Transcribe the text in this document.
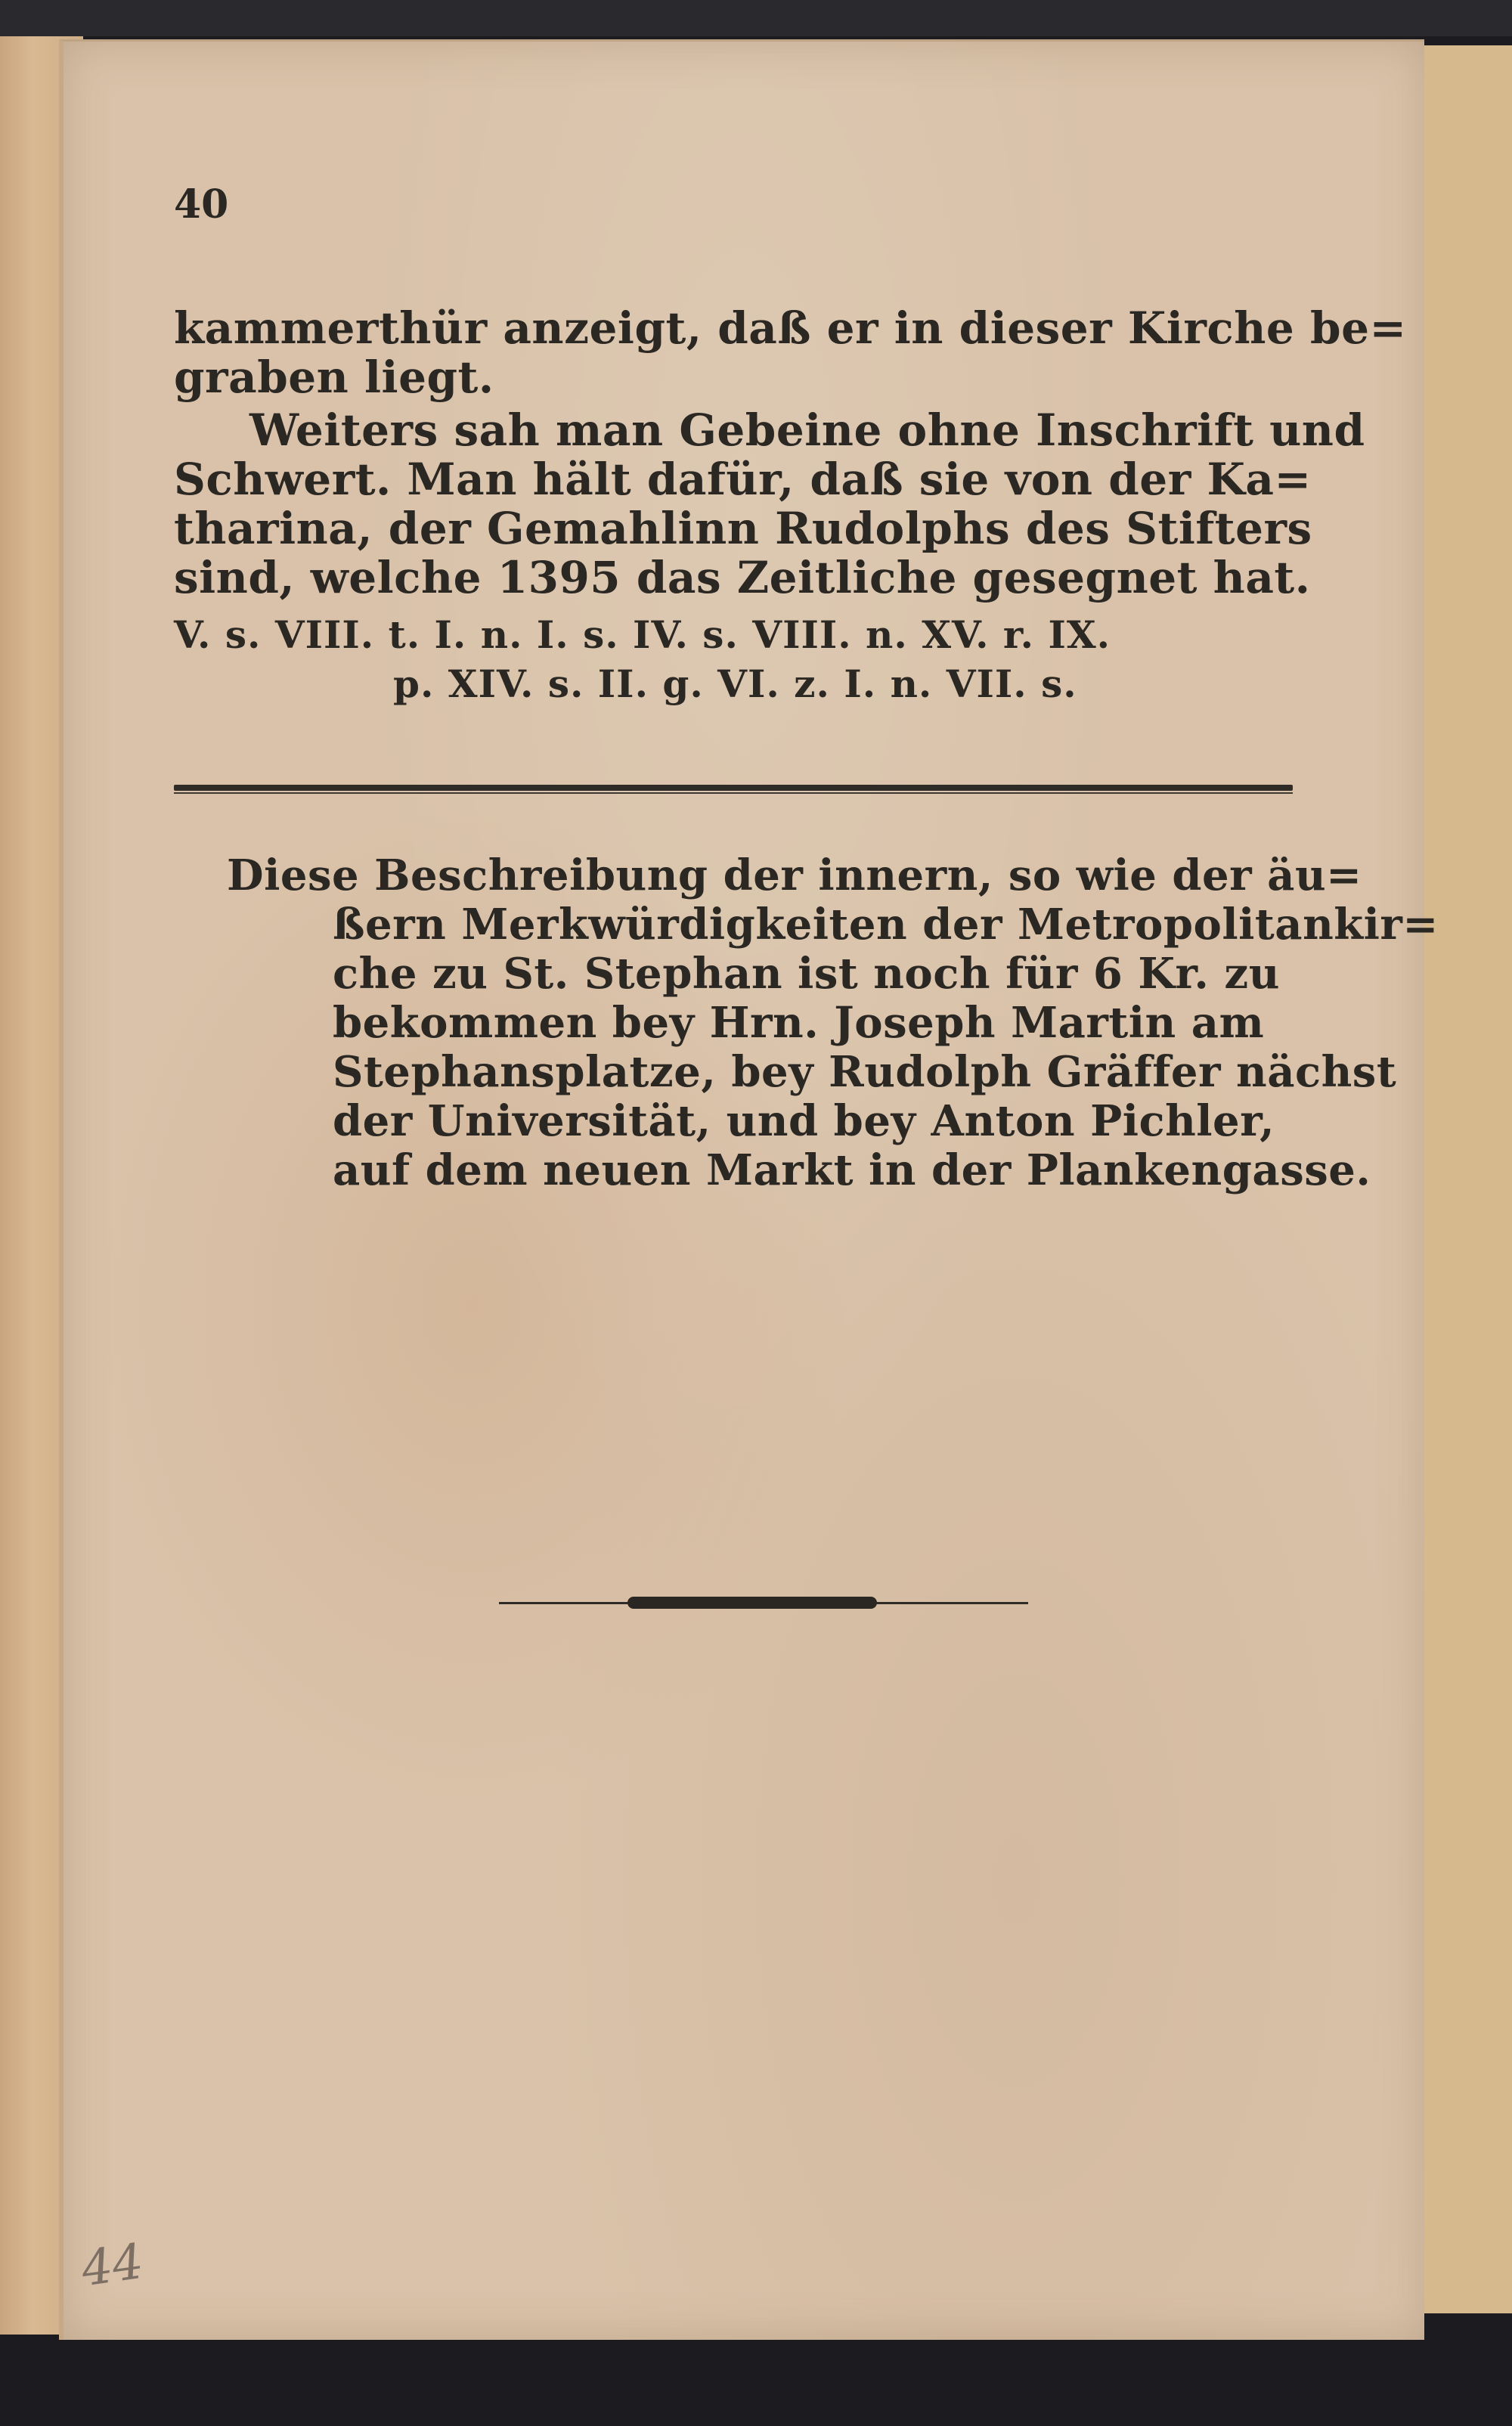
40
kammerthür anzeigt, daß er in dieser Kirche be=
graben liegt.
Weiters sah man Gebeine ohne Inschrift und
Schwert. Man hält dafür, daß sie von der Ka=
tharina, der Gemahlinn Rudolphs des Stifters
sind, welche 1395 das Zeitliche gesegnet hat.
V. s. VIII. t. I. n. I. s. IV. s. VIII. n. XV. r. IX.
p. XIV. s. II. g. VI. z. I. n. VII. s.
Diese Beschreibung der innern, so wie der äu=
ßern Merkwürdigkeiten der Metropolitankir=
che zu St. Stephan ist noch für 6 Kr. zu
bekommen bey Hrn. Joseph Martin am
Stephansplatze, bey Rudolph Gräffer nächst
der Universität, und bey Anton Pichler,
auf dem neuen Markt in der Plankengasse.
44
